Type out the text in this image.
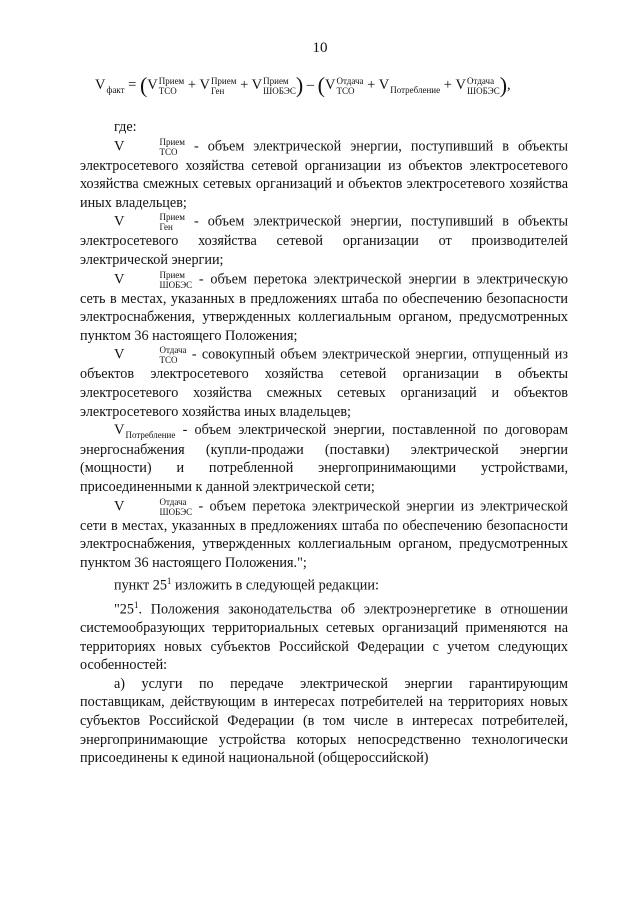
10
$V_{факт} = (V$ Прием
ТСО + V Прием
Ген	+ V Прием
ШОБЭС ) – (V Отдача
ТСО + $V_{Потребление} + V$ Отдача
ШОБЭС ),

где:

V	Прием
ТСО	- объем электрической энергии, поступивший в объекты электросетевого хозяйства сетевой организации из объектов электросетевого хозяйства смежных сетевых организаций и объектов электросетевого хозяйства иных владельцев;

V	Прием
Ген	- объем электрической энергии, поступивший в объекты электросетевого хозяйства сетевой организации от производителей электрической энергии;

V	Прием
ШОБЭС - объем перетока электрической энергии в электрическую сеть в местах, указанных в предложениях штаба по обеспечению безопасности электроснабжения, утвержденных коллегиальным органом, предусмотренных пунктом 36 настоящего Положения;

V	Отдача
ТСО	- совокупный объем электрической энергии, отпущенный из объектов электросетевого хозяйства сетевой организации в объекты электросетевого хозяйства смежных сетевых организаций и объектов электросетевого хозяйства иных владельцев;

$V_{Потребление}$ - объем электрической энергии, поставленной по договорам энергоснабжения (купли-продажи (поставки) электрической энергии (мощности) и потребленной энергопринимающими устройствами, присоединенными к данной электрической сети;

V	Отдача
ШОБЭС - объем перетока электрической энергии из электрической сети в местах, указанных в предложениях штаба по обеспечению безопасности электроснабжения, утвержденных коллегиальным органом, предусмотренных пунктом 36 настоящего Положения.";

пункт $25^1$ изложить в следующей редакции:

"$25^1$. Положения законодательства об электроэнергетике в отношении системообразующих территориальных сетевых организаций применяются на территориях новых субъектов Российской Федерации с учетом следующих особенностей:

а) услуги по передаче электрической энергии гарантирующим поставщикам, действующим в интересах потребителей на территориях новых субъектов Российской Федерации (в том числе в интересах потребителей, энергопринимающие устройства которых непосредственно технологически присоединены к единой национальной (общероссийской)
